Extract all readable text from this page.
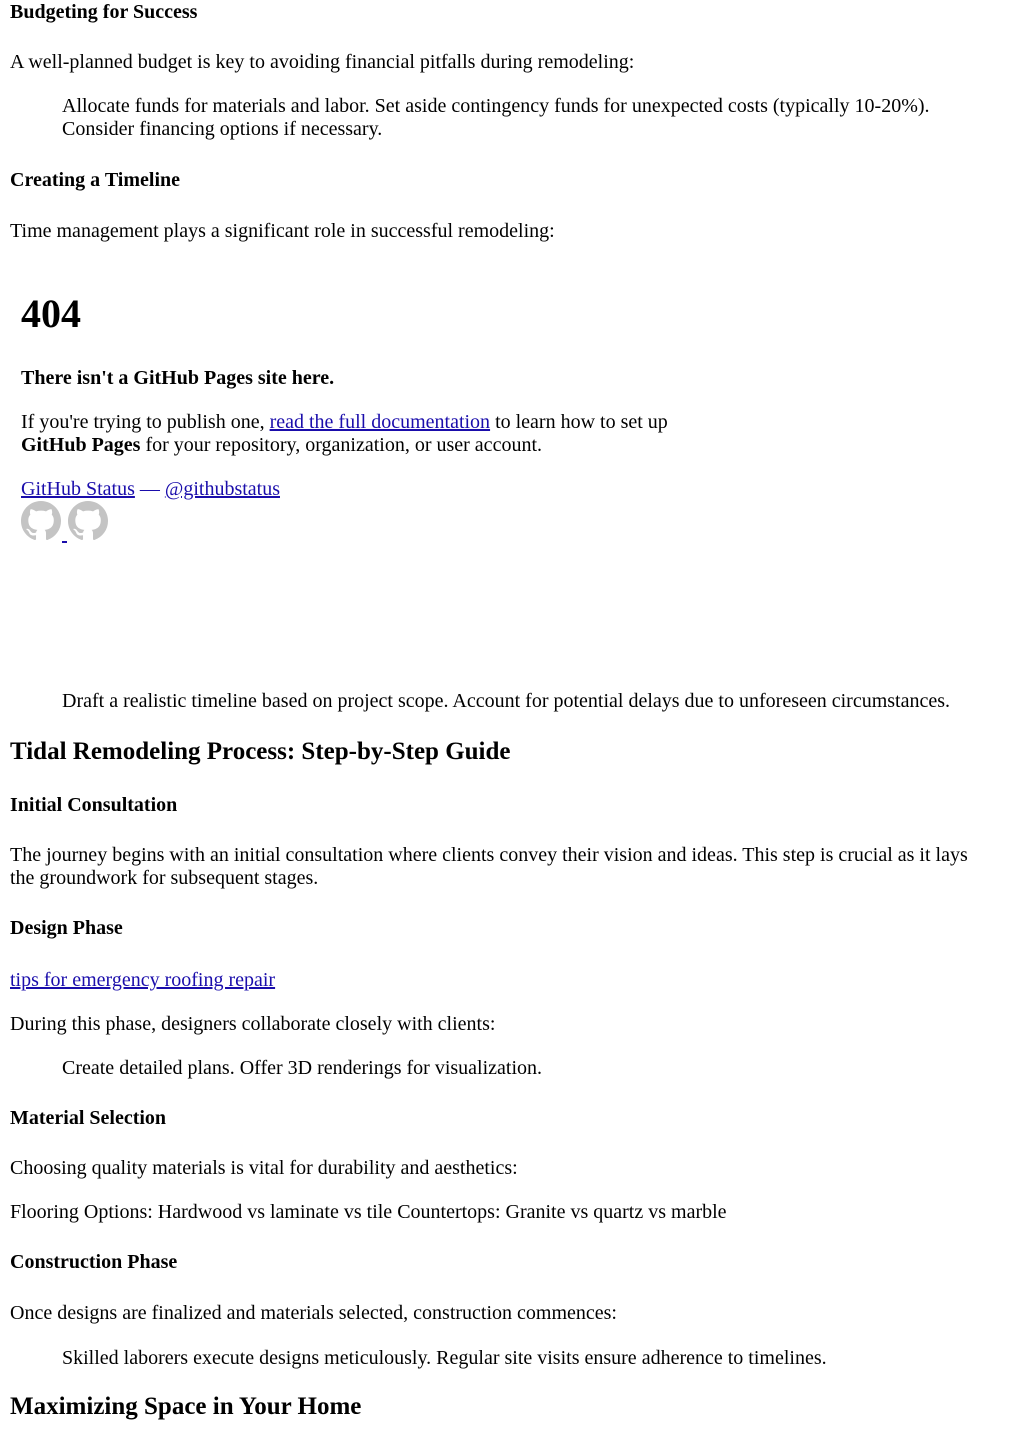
Budgeting for Success
A well-planned budget is key to avoiding financial pitfalls during remodeling:
Allocate funds for materials and labor. Set aside contingency funds for unexpected costs (typically 10-20%).
Consider financing options if necessary.
Creating a Timeline
Time management plays a significant role in successful remodeling:
404
There isn't a GitHub Pages site here.
If you're trying to publish one, read the full documentation to learn how to set up
GitHub Pages for your repository, organization, or user account.
GitHub Status — @githubstatus
Draft a realistic timeline based on project scope. Account for potential delays due to unforeseen circumstances.
Tidal Remodeling Process: Step-by-Step Guide
Initial Consultation
The journey begins with an initial consultation where clients convey their vision and ideas. This step is crucial as it lays
the groundwork for subsequent stages.
Design Phase
tips for emergency roofing repair
During this phase, designers collaborate closely with clients:
Create detailed plans. Offer 3D renderings for visualization.
Material Selection
Choosing quality materials is vital for durability and aesthetics:
Flooring Options: Hardwood vs laminate vs tile Countertops: Granite vs quartz vs marble
Construction Phase
Once designs are finalized and materials selected, construction commences:
Skilled laborers execute designs meticulously. Regular site visits ensure adherence to timelines.
Maximizing Space in Your Home
